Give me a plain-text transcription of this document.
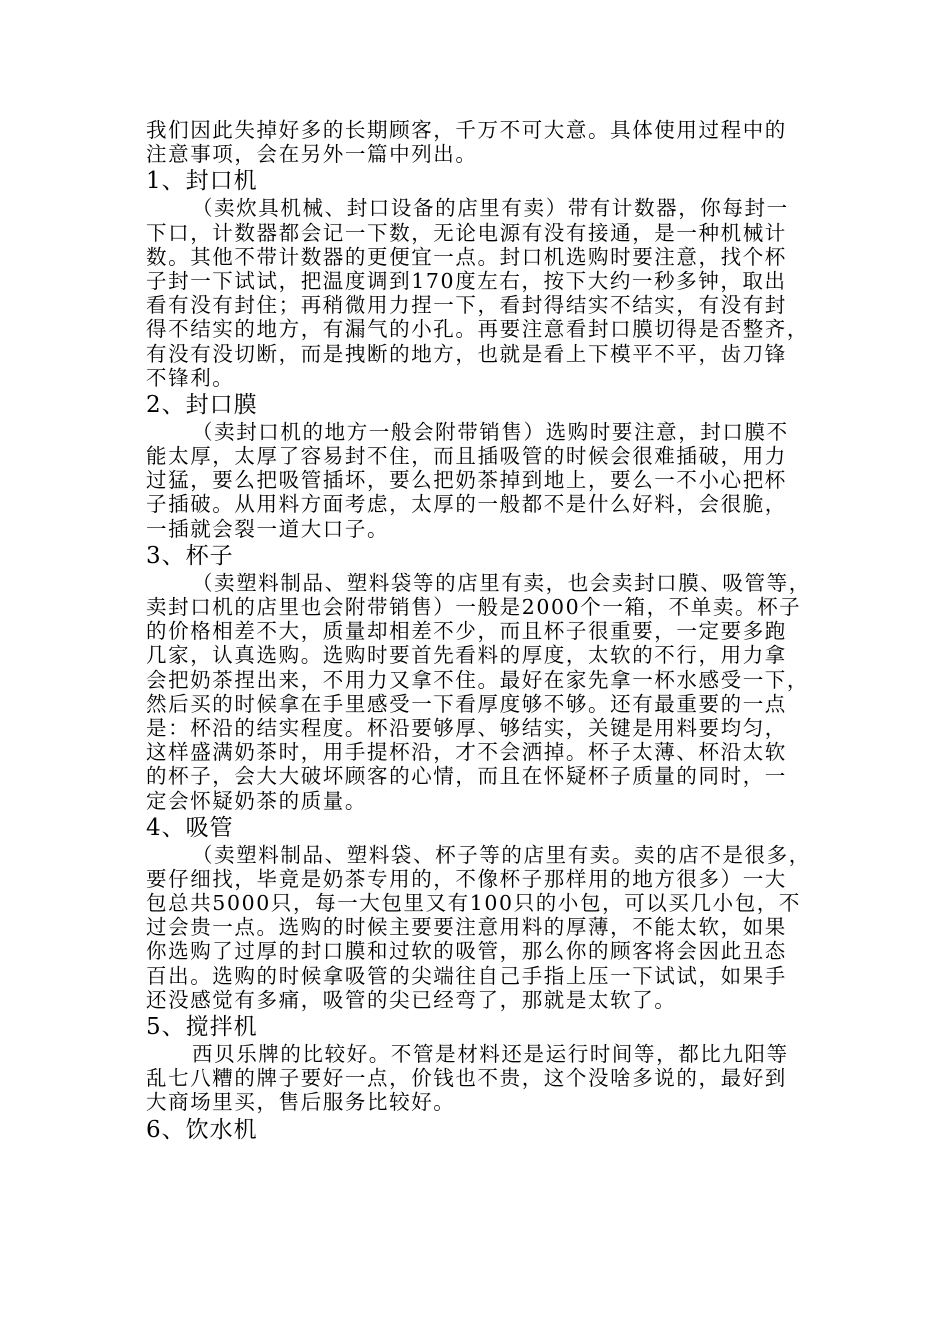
我们因此失掉好多的长期顾客，千万不可大意。具体使用过程中的
注意事项，会在另外一篇中列出。
1、封口机
（卖炊具机械、封口设备的店里有卖）带有计数器，你每封一
下口，计数器都会记一下数，无论电源有没有接通，是一种机械计
数。其他不带计数器的更便宜一点。封口机选购时要注意，找个杯
子封一下试试，把温度调到170度左右，按下大约一秒多钟，取出
看有没有封住；再稍微用力捏一下，看封得结实不结实，有没有封
得不结实的地方，有漏气的小孔。再要注意看封口膜切得是否整齐，
有没有没切断，而是拽断的地方，也就是看上下模平不平，齿刀锋
不锋利。
2、封口膜
（卖封口机的地方一般会附带销售）选购时要注意，封口膜不
能太厚，太厚了容易封不住，而且插吸管的时候会很难插破，用力
过猛，要么把吸管插坏，要么把奶茶掉到地上，要么一不小心把杯
子插破。从用料方面考虑，太厚的一般都不是什么好料，会很脆，
一插就会裂一道大口子。
3、杯子
（卖塑料制品、塑料袋等的店里有卖，也会卖封口膜、吸管等，
卖封口机的店里也会附带销售）一般是2000个一箱，不单卖。杯子
的价格相差不大，质量却相差不少，而且杯子很重要，一定要多跑
几家，认真选购。选购时要首先看料的厚度，太软的不行，用力拿
会把奶茶捏出来，不用力又拿不住。最好在家先拿一杯水感受一下，
然后买的时候拿在手里感受一下看厚度够不够。还有最重要的一点
是：杯沿的结实程度。杯沿要够厚、够结实，关键是用料要均匀，
这样盛满奶茶时，用手提杯沿，才不会洒掉。杯子太薄、杯沿太软
的杯子，会大大破坏顾客的心情，而且在怀疑杯子质量的同时，一
定会怀疑奶茶的质量。
4、吸管
（卖塑料制品、塑料袋、杯子等的店里有卖。卖的店不是很多，
要仔细找，毕竟是奶茶专用的，不像杯子那样用的地方很多）一大
包总共5000只，每一大包里又有100只的小包，可以买几小包，不
过会贵一点。选购的时候主要要注意用料的厚薄，不能太软，如果
你选购了过厚的封口膜和过软的吸管，那么你的顾客将会因此丑态
百出。选购的时候拿吸管的尖端往自己手指上压一下试试，如果手
还没感觉有多痛，吸管的尖已经弯了，那就是太软了。
5、搅拌机
西贝乐牌的比较好。不管是材料还是运行时间等，都比九阳等
乱七八糟的牌子要好一点，价钱也不贵，这个没啥多说的，最好到
大商场里买，售后服务比较好。
6、饮水机
